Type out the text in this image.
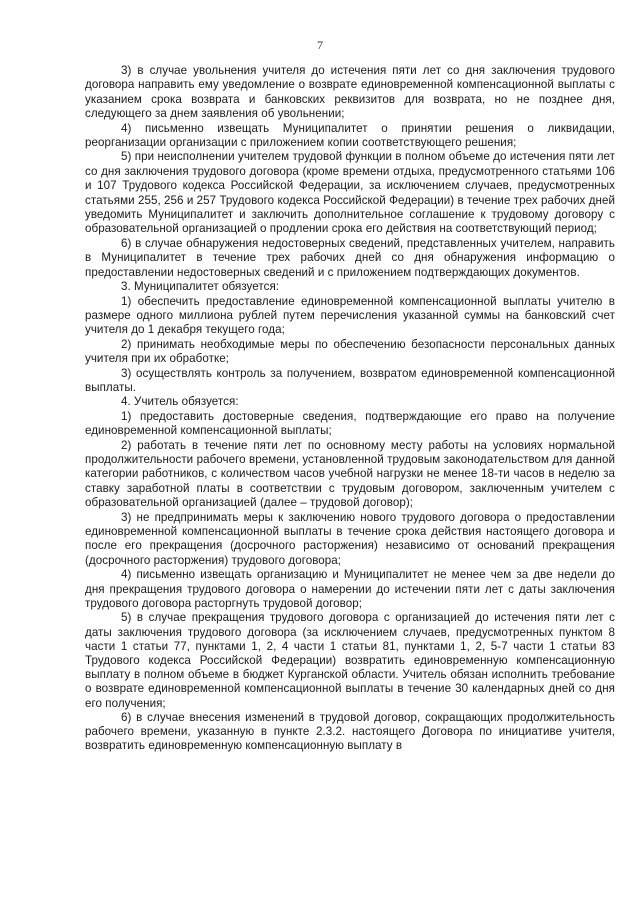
7

3) в случае увольнения учителя до истечения пяти лет со дня заключения трудового договора направить ему уведомление о возврате единовременной компенсационной выплаты с указанием срока возврата и банковских реквизитов для возврата, но не позднее дня, следующего за днем заявления об увольнении;

4) письменно извещать Муниципалитет о принятии решения о ликвидации, реорганизации организации с приложением копии соответствующего решения;

5) при неисполнении учителем трудовой функции в полном объеме до истечения пяти лет со дня заключения трудового договора (кроме времени отдыха, предусмотренного статьями 106 и 107 Трудового кодекса Российской Федерации, за исключением случаев, предусмотренных статьями 255, 256 и 257 Трудового кодекса Российской Федерации) в течение трех рабочих дней уведомить Муниципалитет и заключить дополнительное соглашение к трудовому договору с образовательной организацией о продлении срока его действия на соответствующий период;

6) в случае обнаружения недостоверных сведений, представленных учителем, направить в Муниципалитет в течение трех рабочих дней со дня обнаружения информацию о предоставлении недостоверных сведений и с приложением подтверждающих документов.

3. Муниципалитет обязуется:

1) обеспечить предоставление единовременной компенсационной выплаты учителю в размере одного миллиона рублей путем перечисления указанной суммы на банковский счет учителя до 1 декабря текущего года;

2) принимать необходимые меры по обеспечению безопасности персональных данных учителя при их обработке;

3) осуществлять контроль за получением, возвратом единовременной компенсационной выплаты.

4. Учитель обязуется:

1) предоставить достоверные сведения, подтверждающие его право на получение единовременной компенсационной выплаты;

2) работать в течение пяти лет по основному месту работы на условиях нормальной продолжительности рабочего времени, установленной трудовым законодательством для данной категории работников, с количеством часов учебной нагрузки не менее 18-ти часов в неделю за ставку заработной платы в соответствии с трудовым договором, заключенным учителем с образовательной организацией (далее – трудовой договор);

3) не предпринимать меры к заключению нового трудового договора о предоставлении единовременной компенсационной выплаты в течение срока действия настоящего договора и после его прекращения (досрочного расторжения) независимо от оснований прекращения (досрочного расторжения) трудового договора;

4) письменно извещать организацию и Муниципалитет не менее чем за две недели до дня прекращения трудового договора о намерении до истечении пяти лет с даты заключения трудового договора расторгнуть трудовой договор;

5) в случае прекращения трудового договора с организацией до истечения пяти лет с даты заключения трудового договора (за исключением случаев, предусмотренных пунктом 8 части 1 статьи 77, пунктами 1, 2, 4 части 1 статьи 81, пунктами 1, 2, 5-7 части 1 статьи 83 Трудового кодекса Российской Федерации) возвратить единовременную компенсационную выплату в полном объеме в бюджет Курганской области. Учитель обязан исполнить требование о возврате единовременной компенсационной выплаты в течение 30 календарных дней со дня его получения;

6) в случае внесения изменений в трудовой договор, сокращающих продолжительность рабочего времени, указанную в пункте 2.3.2. настоящего Договора по инициативе учителя, возвратить единовременную компенсационную выплату в
